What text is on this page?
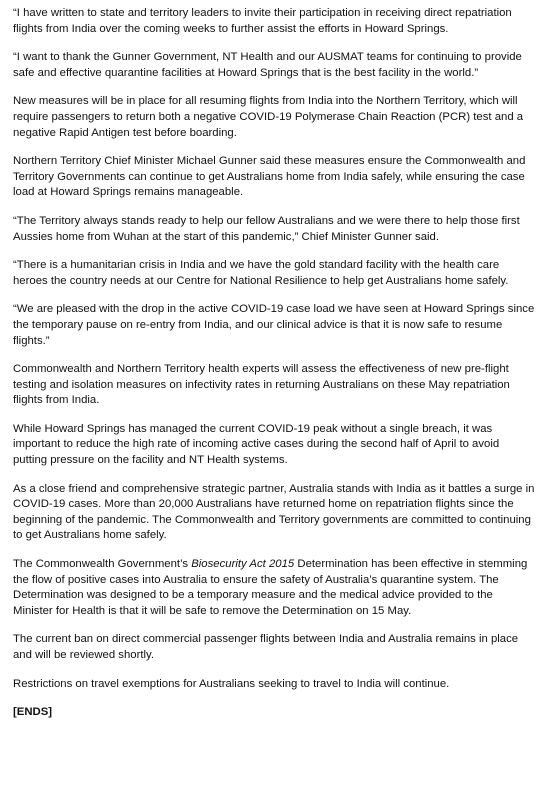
“I have written to state and territory leaders to invite their participation in receiving direct repatriation flights from India over the coming weeks to further assist the efforts in Howard Springs.

“I want to thank the Gunner Government, NT Health and our AUSMAT teams for continuing to provide safe and effective quarantine facilities at Howard Springs that is the best facility in the world.”

New measures will be in place for all resuming flights from India into the Northern Territory, which will require passengers to return both a negative COVID-19 Polymerase Chain Reaction (PCR) test and a negative Rapid Antigen test before boarding.

Northern Territory Chief Minister Michael Gunner said these measures ensure the Commonwealth and Territory Governments can continue to get Australians home from India safely, while ensuring the case load at Howard Springs remains manageable.

“The Territory always stands ready to help our fellow Australians and we were there to help those first Aussies home from Wuhan at the start of this pandemic,” Chief Minister Gunner said.

“There is a humanitarian crisis in India and we have the gold standard facility with the health care heroes the country needs at our Centre for National Resilience to help get Australians home safely.

“We are pleased with the drop in the active COVID-19 case load we have seen at Howard Springs since the temporary pause on re-entry from India, and our clinical advice is that it is now safe to resume flights.”

Commonwealth and Northern Territory health experts will assess the effectiveness of new pre-flight testing and isolation measures on infectivity rates in returning Australians on these May repatriation flights from India.

While Howard Springs has managed the current COVID-19 peak without a single breach, it was important to reduce the high rate of incoming active cases during the second half of April to avoid putting pressure on the facility and NT Health systems.

As a close friend and comprehensive strategic partner, Australia stands with India as it battles a surge in COVID-19 cases. More than 20,000 Australians have returned home on repatriation flights since the beginning of the pandemic. The Commonwealth and Territory governments are committed to continuing to get Australians home safely.

The Commonwealth Government’s Biosecurity Act 2015 Determination has been effective in stemming the flow of positive cases into Australia to ensure the safety of Australia’s quarantine system. The Determination was designed to be a temporary measure and the medical advice provided to the Minister for Health is that it will be safe to remove the Determination on 15 May.

The current ban on direct commercial passenger flights between India and Australia remains in place and will be reviewed shortly.

Restrictions on travel exemptions for Australians seeking to travel to India will continue.

[ENDS]
